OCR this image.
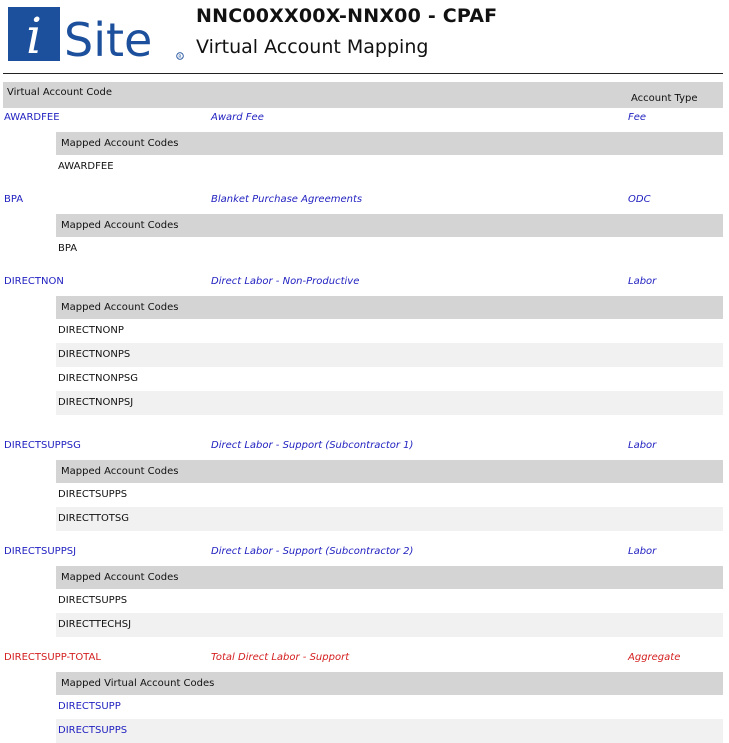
i Site	R
NNC00XX00X-NNX00 - CPAF
Virtual Account Mapping
Virtual Account Code
Account Type
AWARDFEE	Award Fee	Fee
Mapped Account Codes
AWARDFEE
BPA	Blanket Purchase Agreements	ODC
Mapped Account Codes
BPA
DIRECTNON	Direct Labor - Non-Productive	Labor
Mapped Account Codes
DIRECTNONP
DIRECTNONPS
DIRECTNONPSG
DIRECTNONPSJ
DIRECTSUPPSG	Direct Labor - Support (Subcontractor 1)	Labor
Mapped Account Codes
DIRECTSUPPS
DIRECTTOTSG
DIRECTSUPPSJ	Direct Labor - Support (Subcontractor 2)	Labor
Mapped Account Codes
DIRECTSUPPS
DIRECTTECHSJ
DIRECTSUPP-TOTAL	Total Direct Labor - Support	Aggregate
Mapped Virtual Account Codes
DIRECTSUPP
DIRECTSUPPS
